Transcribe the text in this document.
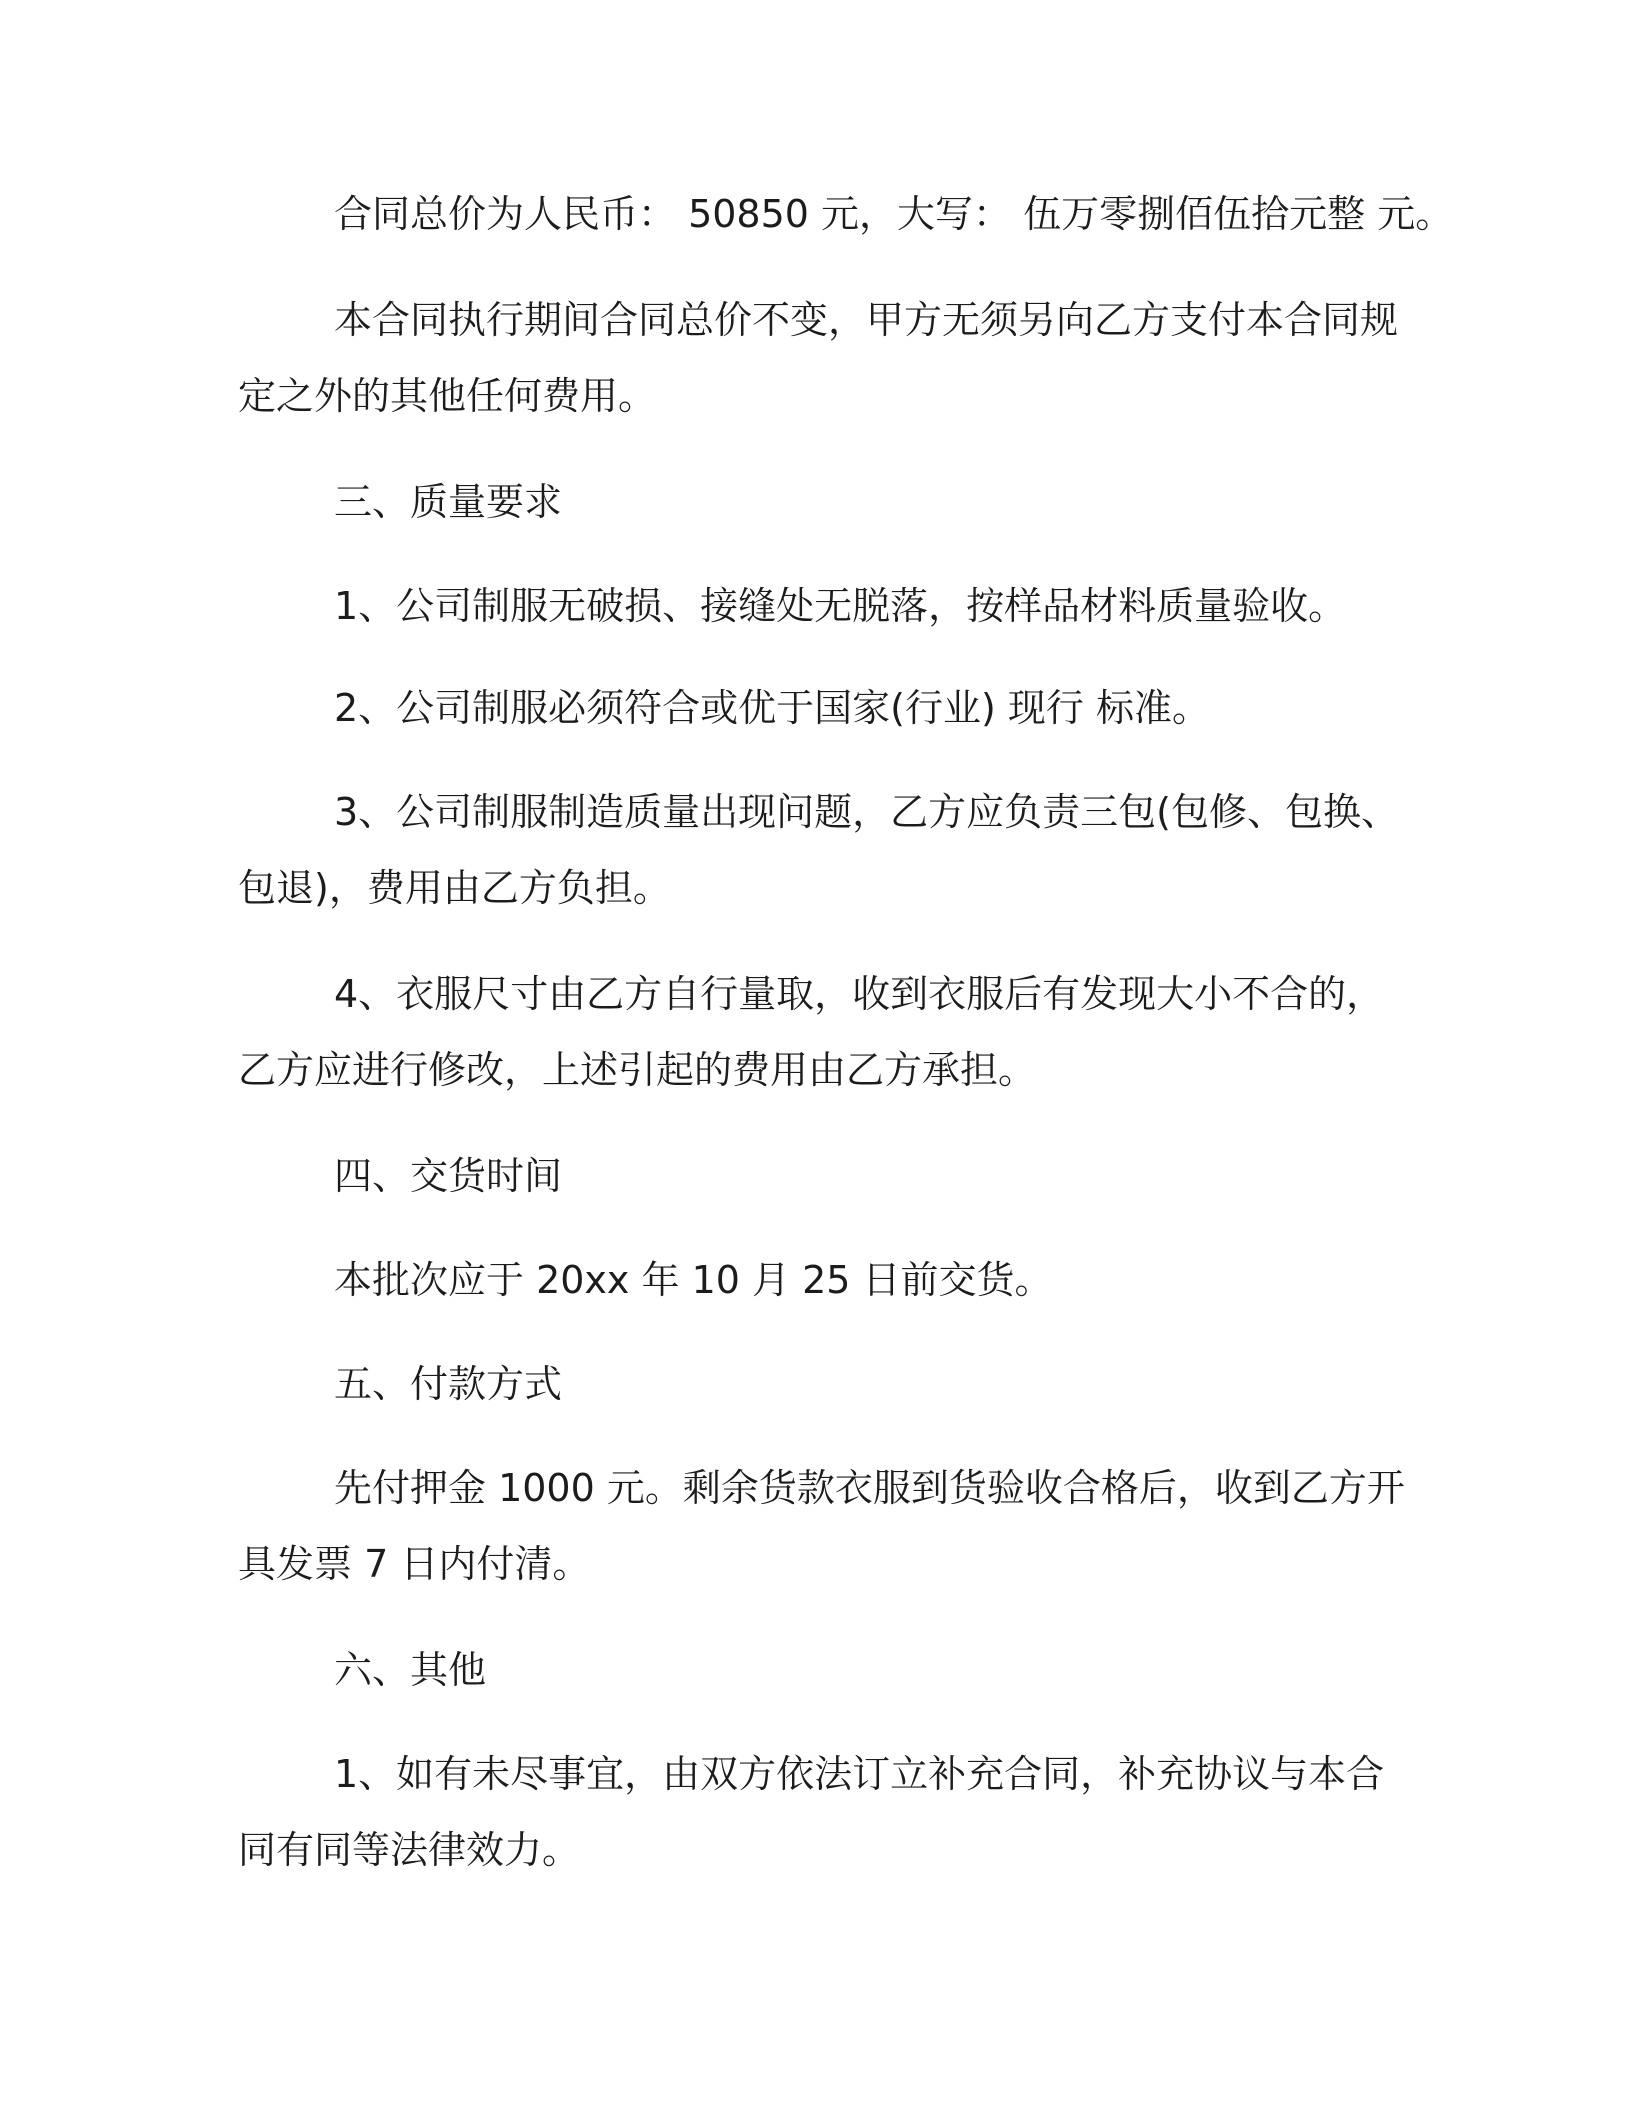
合同总价为人民币： 50850 元，大写： 伍万零捌佰伍拾元整 元。
本合同执行期间合同总价不变，甲方无须另向乙方支付本合同规
定之外的其他任何费用。
三、质量要求
1、公司制服无破损、接缝处无脱落，按样品材料质量验收。
2、公司制服必须符合或优于国家(行业) 现行 标准。
3、公司制服制造质量出现问题，乙方应负责三包(包修、包换、
包退)，费用由乙方负担。
4、衣服尺寸由乙方自行量取，收到衣服后有发现大小不合的，
乙方应进行修改，上述引起的费用由乙方承担。
四、交货时间
本批次应于 20xx 年 10 月 25 日前交货。
五、付款方式
先付押金 1000 元。剩余货款衣服到货验收合格后，收到乙方开
具发票 7 日内付清。
六、其他
1、如有未尽事宜，由双方依法订立补充合同，补充协议与本合
同有同等法律效力。
